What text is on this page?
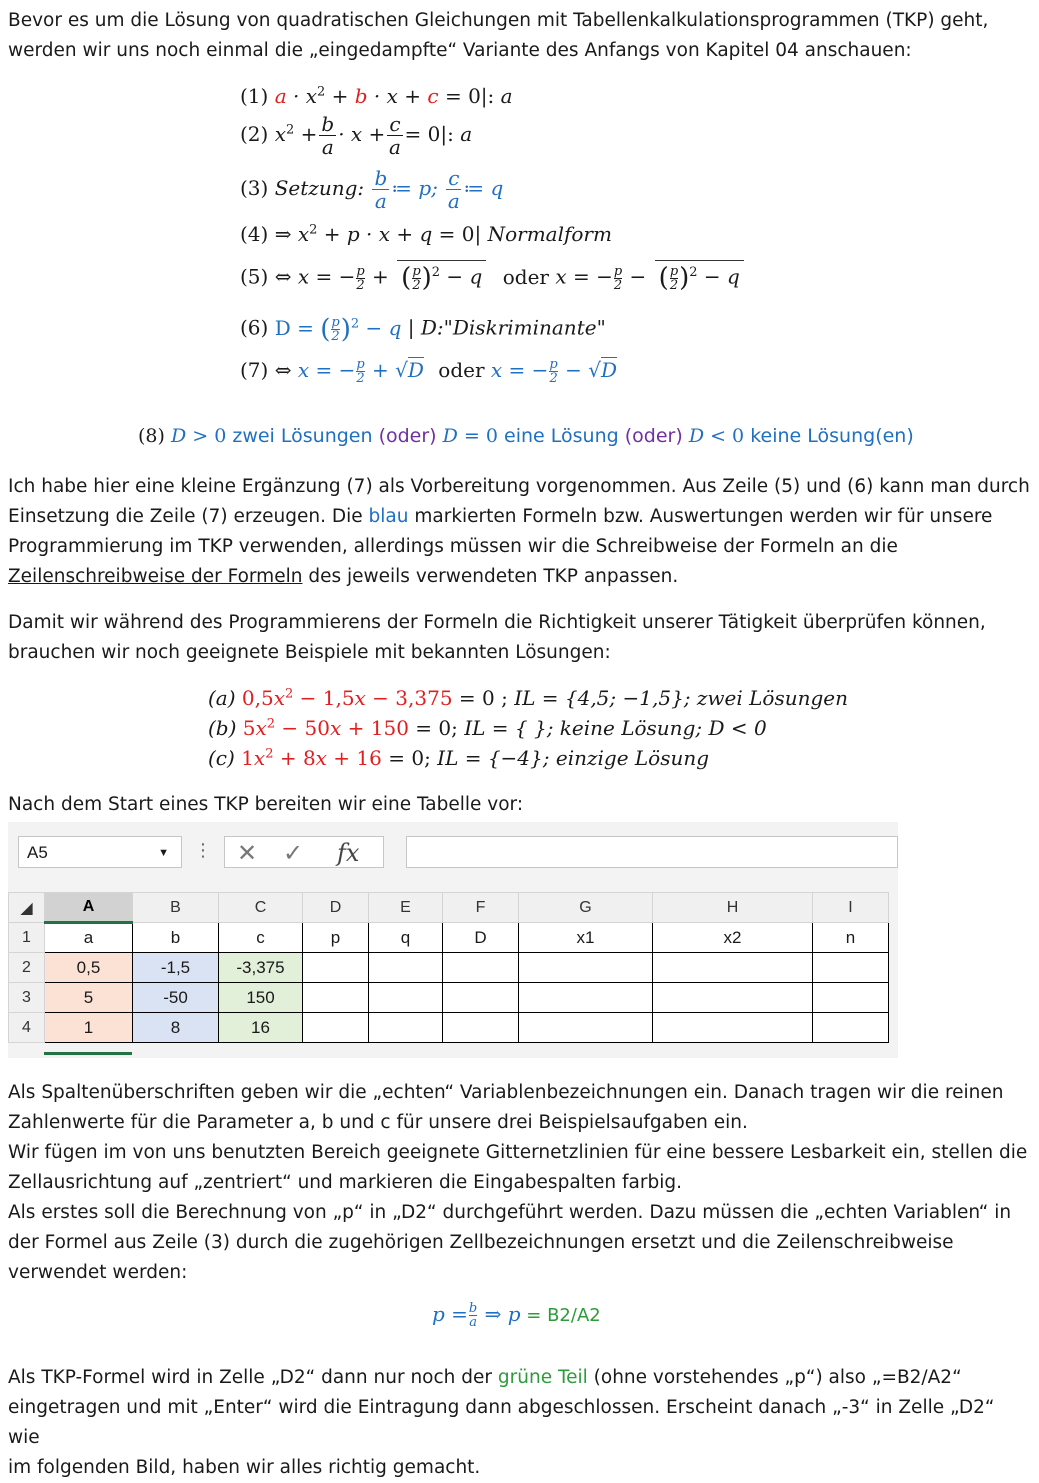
Bevor es um die Lösung von quadratischen Gleichungen mit Tabellenkalkulationsprogrammen (TKP) geht,
werden wir uns noch einmal die „eingedampfte“ Variante des Anfangs von Kapitel 04 anschauen:
(1) $a \cdot x^2 + b \cdot x + c = 0|$: a
(2) $x^2 + \frac{b}{a} \cdot x + \frac{c}{a} = 0|$: a
(3) Setzung: $\frac{b}{a}$ ≔ p; $\frac{c}{a}$ ≔ q
(4) ⇒ $x^2 + p \cdot x + q = 0|$ Normalform
(5) ⇔ x = − $\frac{p}{2}$ + ( $\frac{p}{2} )^2 - q$ oder x = − $\frac{p}{2}$ − ( $\frac{p}{2} )^2 - q$
(6) D = ( $\frac{p}{2} )^2 - q$ | D:"Diskriminante"
(7) ⇔ x = − $\frac{p}{2} + √D$ oder x = − $\frac{p}{2} - √D$
(8) D > 0 zwei Lösungen (oder) D = 0 eine Lösung (oder) D < 0 keine Lösung(en)
Ich habe hier eine kleine Ergänzung (7) als Vorbereitung vorgenommen. Aus Zeile (5) und (6) kann man durch
Einsetzung die Zeile (7) erzeugen. Die blau markierten Formeln bzw. Auswertungen werden wir für unsere
Programmierung im TKP verwenden, allerdings müssen wir die Schreibweise der Formeln an die
Zeilenschreibweise der Formeln des jeweils verwendeten TKP anpassen.
Damit wir während des Programmierens der Formeln die Richtigkeit unserer Tätigkeit überprüfen können,
brauchen wir noch geeignete Beispiele mit bekannten Lösungen:
(a) $0,5x^2 - 1,5x - 3,375 = 0$ ; IL = {4,5; −1,5}; zwei Lösungen
(b) $5x^2 - 50x + 150 = 0$; IL = { }; keine Lösung; D < 0
(c) $1x^2 + 8x + 16 = 0$; IL = {−4}; einzige Lösung
Nach dem Start eines TKP bereiten wir eine Tabelle vor:
A5	▼ ⋮ ✕ ✓ fx
◢	A	B	C	D	E	F	G	H	I
1	a	b	c	p	q	D	x1	x2	n
2	0,5	-1,5	-3,375						
3	5	-50	150						
4	1	8	16						
Als Spaltenüberschriften geben wir die „echten“ Variablenbezeichnungen ein. Danach tragen wir die reinen
Zahlenwerte für die Parameter a, b und c für unsere drei Beispielsaufgaben ein.
Wir fügen im von uns benutzten Bereich geeignete Gitternetzlinien für eine bessere Lesbarkeit ein, stellen die
Zellausrichtung auf „zentriert“ und markieren die Eingabespalten farbig.
Als erstes soll die Berechnung von „p“ in „D2“ durchgeführt werden. Dazu müssen die „echten Variablen“ in
der Formel aus Zeile (3) durch die zugehörigen Zellbezeichnungen ersetzt und die Zeilenschreibweise
verwendet werden:
$p = \frac{b}{a}$ ⇒ p = B2/A2
Als TKP-Formel wird in Zelle „D2“ dann nur noch der grüne Teil (ohne vorstehendes „p“) also „=B2/A2“
eingetragen und mit „Enter“ wird die Eintragung dann abgeschlossen. Erscheint danach „-3“ in Zelle „D2“ wie
im folgenden Bild, haben wir alles richtig gemacht.
